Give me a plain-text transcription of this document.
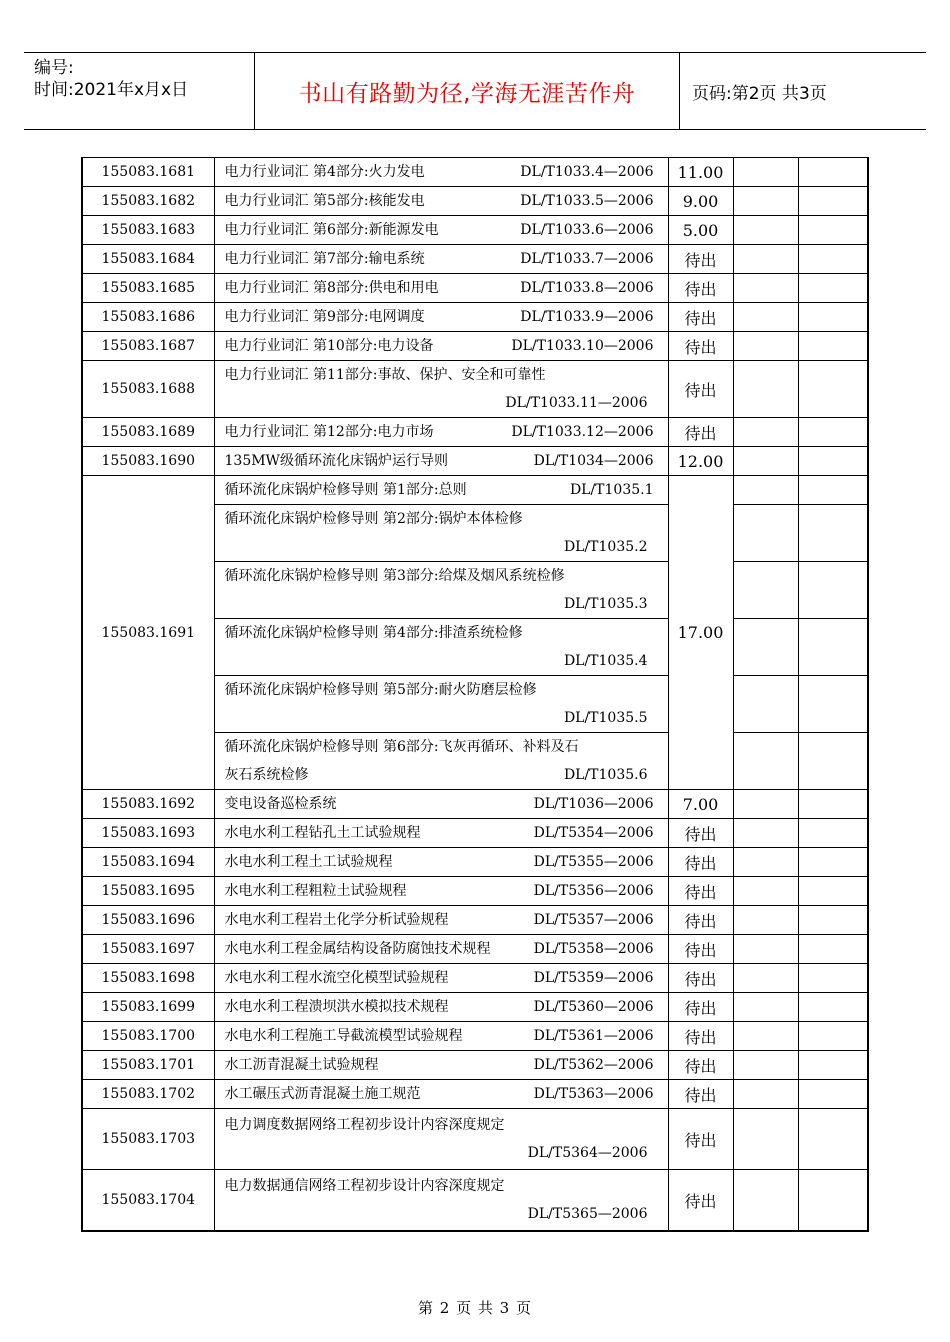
编号:
时间:2021年x月x日	书山有路勤为径,学海无涯苦作舟	页码:第2页 共3页
155083.1681	电力行业词汇 第4部分:火力发电 DL/T1033.4—2006	11.00		
155083.1682	电力行业词汇 第5部分:核能发电 DL/T1033.5—2006	9.00		
155083.1683	电力行业词汇 第6部分:新能源发电 DL/T1033.6—2006	5.00		
155083.1684	电力行业词汇 第7部分:输电系统 DL/T1033.7—2006	待出		
155083.1685	电力行业词汇 第8部分:供电和用电 DL/T1033.8—2006	待出		
155083.1686	电力行业词汇 第9部分:电网调度 DL/T1033.9—2006	待出		
155083.1687	电力行业词汇 第10部分:电力设备 DL/T1033.10—2006	待出		
155083.1688	电力行业词汇 第11部分:事故、保护、安全和可靠性
DL/T1033.11—2006	待出		
155083.1689	电力行业词汇 第12部分:电力市场 DL/T1033.12—2006	待出		
155083.1690	135MW级循环流化床锅炉运行导则 DL/T1034—2006	12.00		
155083.1691	循环流化床锅炉检修导则 第1部分:总则 DL/T1035.1	17.00		

	循环流化床锅炉检修导则 第2部分:锅炉本体检修
DL/T1035.2			

	循环流化床锅炉检修导则 第3部分:给煤及烟风系统检修
DL/T1035.3			

	循环流化床锅炉检修导则 第4部分:排渣系统检修
DL/T1035.4			

	循环流化床锅炉检修导则 第5部分:耐火防磨层检修
DL/T1035.5			

	循环流化床锅炉检修导则 第6部分:飞灰再循环、补料及石
灰石系统检修 DL/T1035.6			

155083.1692	变电设备巡检系统 DL/T1036—2006	7.00		
155083.1693	水电水利工程钻孔土工试验规程 DL/T5354—2006	待出		
155083.1694	水电水利工程土工试验规程 DL/T5355—2006	待出		
155083.1695	水电水利工程粗粒土试验规程 DL/T5356—2006	待出		
155083.1696	水电水利工程岩土化学分析试验规程 DL/T5357—2006	待出		
155083.1697	水电水利工程金属结构设备防腐蚀技术规程 DL/T5358—2006	待出		
155083.1698	水电水利工程水流空化模型试验规程 DL/T5359—2006	待出		
155083.1699	水电水利工程溃坝洪水模拟技术规程 DL/T5360—2006	待出		
155083.1700	水电水利工程施工导截流模型试验规程 DL/T5361—2006	待出		
155083.1701	水工沥青混凝土试验规程 DL/T5362—2006	待出		
155083.1702	水工碾压式沥青混凝土施工规范 DL/T5363—2006	待出		
155083.1703	电力调度数据网络工程初步设计内容深度规定
DL/T5364—2006	待出		
155083.1704	电力数据通信网络工程初步设计内容深度规定
DL/T5365—2006	待出		
第 2 页 共 3 页
